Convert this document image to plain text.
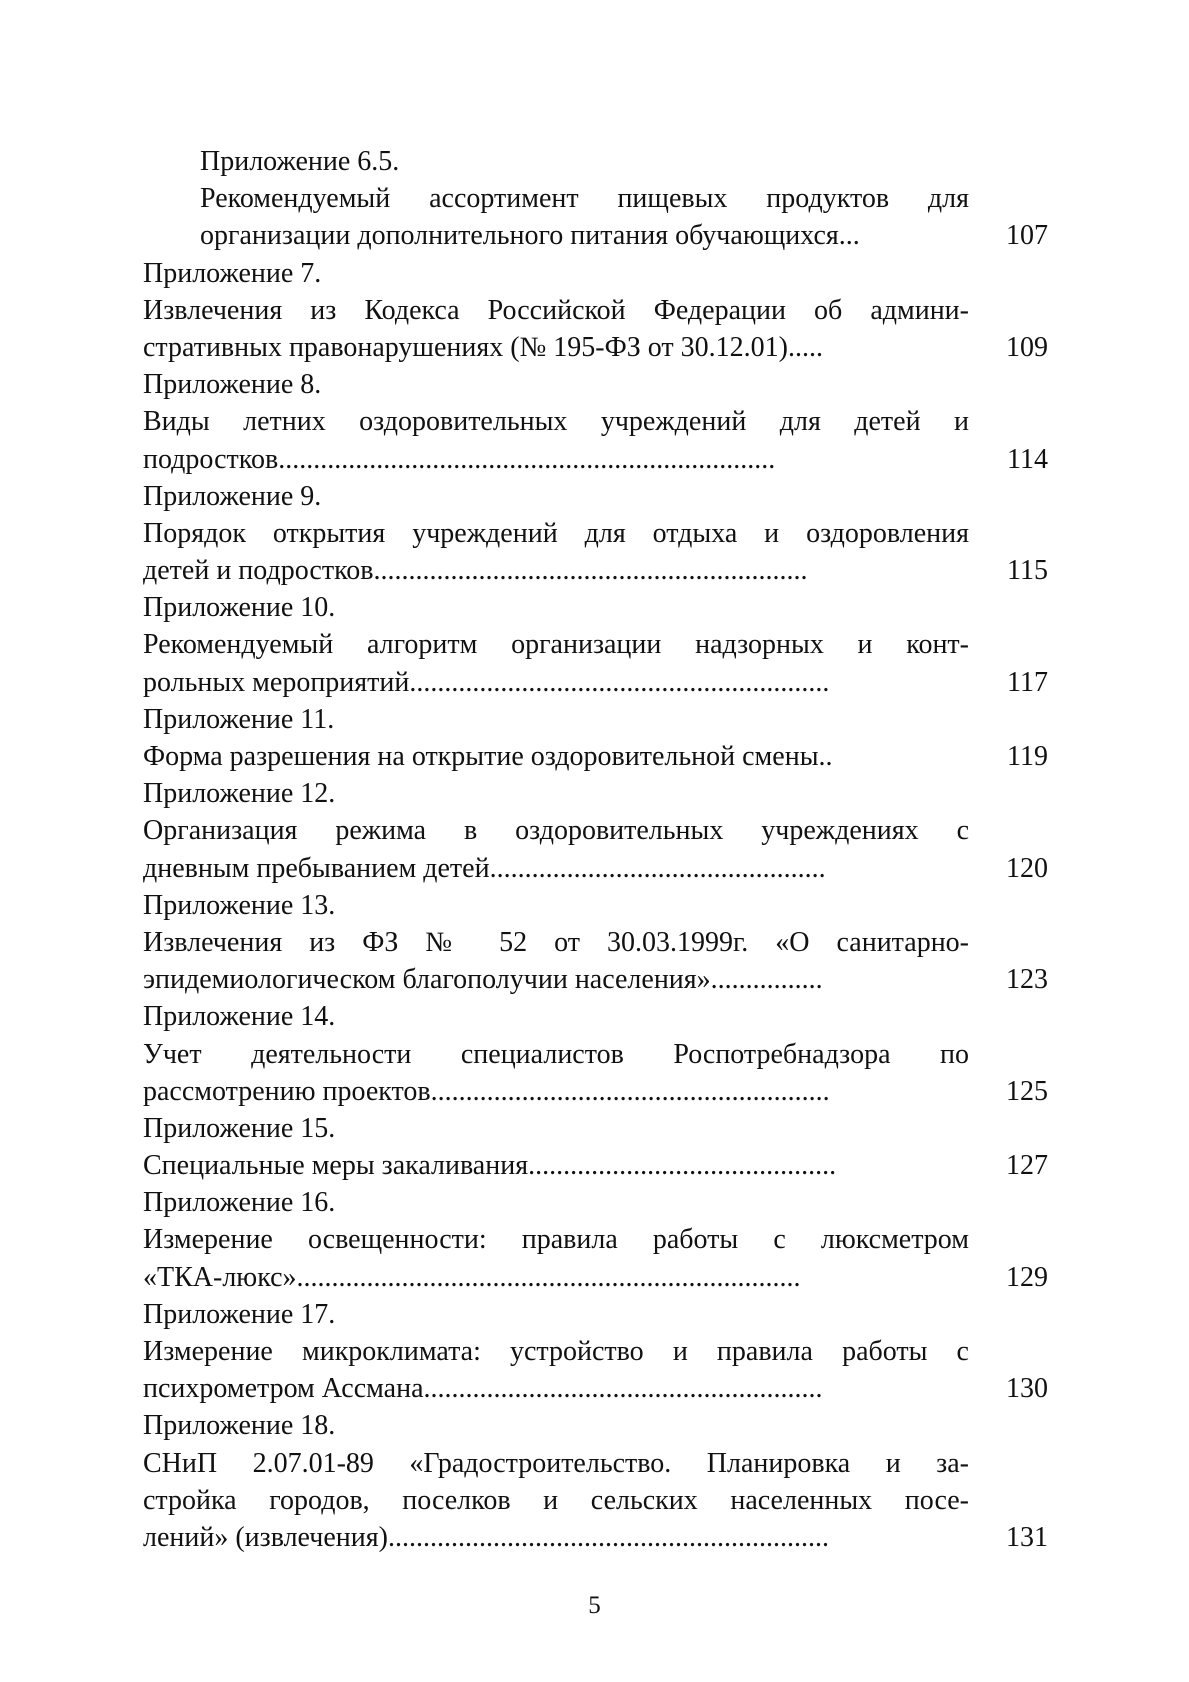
Приложение 6.5.
Рекомендуемый ассортимент пищевых продуктов для
организации дополнительного питания обучающихся...	107
Приложение 7.
Извлечения из Кодекса Российской Федерации об админи-
стративных правонарушениях (№ 195-ФЗ от 30.12.01).....	109
Приложение 8.
Виды летних оздоровительных учреждений для детей и
подростков.......................................................................	114
Приложение 9.
Порядок открытия учреждений для отдыха и оздоровления
детей и подростков..............................................................	115
Приложение 10.
Рекомендуемый алгоритм организации надзорных и конт-
рольных мероприятий............................................................	117
Приложение 11.
Форма разрешения на открытие оздоровительной смены..	119
Приложение 12.
Организация режима в оздоровительных учреждениях с
дневным пребыванием детей................................................	120
Приложение 13.
Извлечения из ФЗ № 52 от 30.03.1999г. «О санитарно-
эпидемиологическом благополучии населения»................	123
Приложение 14.
Учет деятельности специалистов Роспотребнадзора по
рассмотрению проектов.........................................................	125
Приложение 15.
Специальные меры закаливания............................................	127
Приложение 16.
Измерение освещенности: правила работы с люксметром
«ТКА-люкс»........................................................................	129
Приложение 17.
Измерение микроклимата: устройство и правила работы с
психрометром Ассмана.........................................................	130
Приложение 18.
СНиП 2.07.01-89 «Градостроительство. Планировка и за-
стройка городов, поселков и сельских населенных посе-
лений» (извлечения)...............................................................	131
5
